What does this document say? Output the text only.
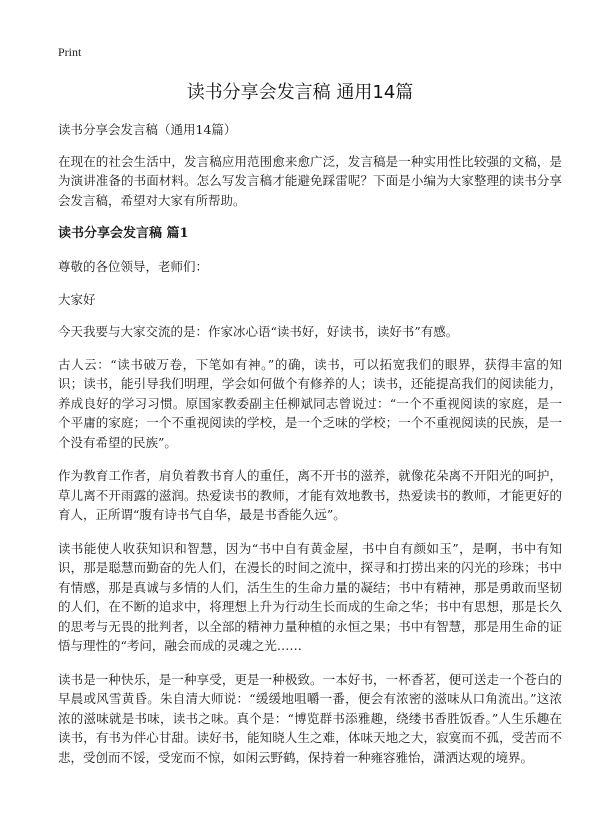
Print
读书分享会发言稿 通用14篇

读书分享会发言稿（通用14篇）

在现在的社会生活中，发言稿应用范围愈来愈广泛，发言稿是一种实用性比较强的文稿，是为演讲准备的书面材料。怎么写发言稿才能避免踩雷呢？下面是小编为大家整理的读书分享会发言稿，希望对大家有所帮助。

读书分享会发言稿 篇1

尊敬的各位领导，老师们：

大家好

今天我要与大家交流的是：作家冰心语“读书好，好读书，读好书”有感。

古人云：“读书破万卷，下笔如有神。”的确，读书，可以拓宽我们的眼界，获得丰富的知识；读书，能引导我们明理，学会如何做个有修养的人；读书，还能提高我们的阅读能力，养成良好的学习习惯。原国家教委副主任柳斌同志曾说过：“一个不重视阅读的家庭，是一个平庸的家庭；一个不重视阅读的学校，是一个乏味的学校；一个不重视阅读的民族，是一个没有希望的民族”。

作为教育工作者，肩负着教书育人的重任，离不开书的滋养，就像花朵离不开阳光的呵护，草儿离不开雨露的滋润。热爱读书的教师，才能有效地教书，热爱读书的教师，才能更好的育人，正所谓“腹有诗书气自华，最是书香能久远”。

读书能使人收获知识和智慧，因为“书中自有黄金屋，书中自有颜如玉”，是啊，书中有知识，那是聪慧而勤奋的先人们，在漫长的时间之流中，探寻和打捞出来的闪光的珍珠；书中有情感，那是真诚与多情的人们，活生生的生命力量的凝结；书中有精神，那是勇敢而坚韧的人们，在不断的追求中，将理想上升为行动生长而成的生命之华；书中有思想，那是长久的思考与无畏的批判者，以全部的精神力量种植的永恒之果；书中有智慧，那是用生命的证悟与理性的“考问，融会而成的灵魂之光……

读书是一种快乐，是一种享受，更是一种极致。一本好书，一杯香茗，便可送走一个苍白的早晨或风雪黄昏。朱自清大师说：“缓缓地咀嚼一番，便会有浓密的滋味从口角流出。”这浓浓的滋味就是书味，读书之味。真个是：“博览群书添雅趣，绕缕书香胜饭香。”人生乐趣在读书，有书为伴心甘甜。读好书，能知晓人生之难，体味天地之大，寂寞而不孤，受苦而不悲，受创而不馁，受宠而不惊，如闲云野鹤，保持着一种雍容雅怡，潇洒达观的境界。
